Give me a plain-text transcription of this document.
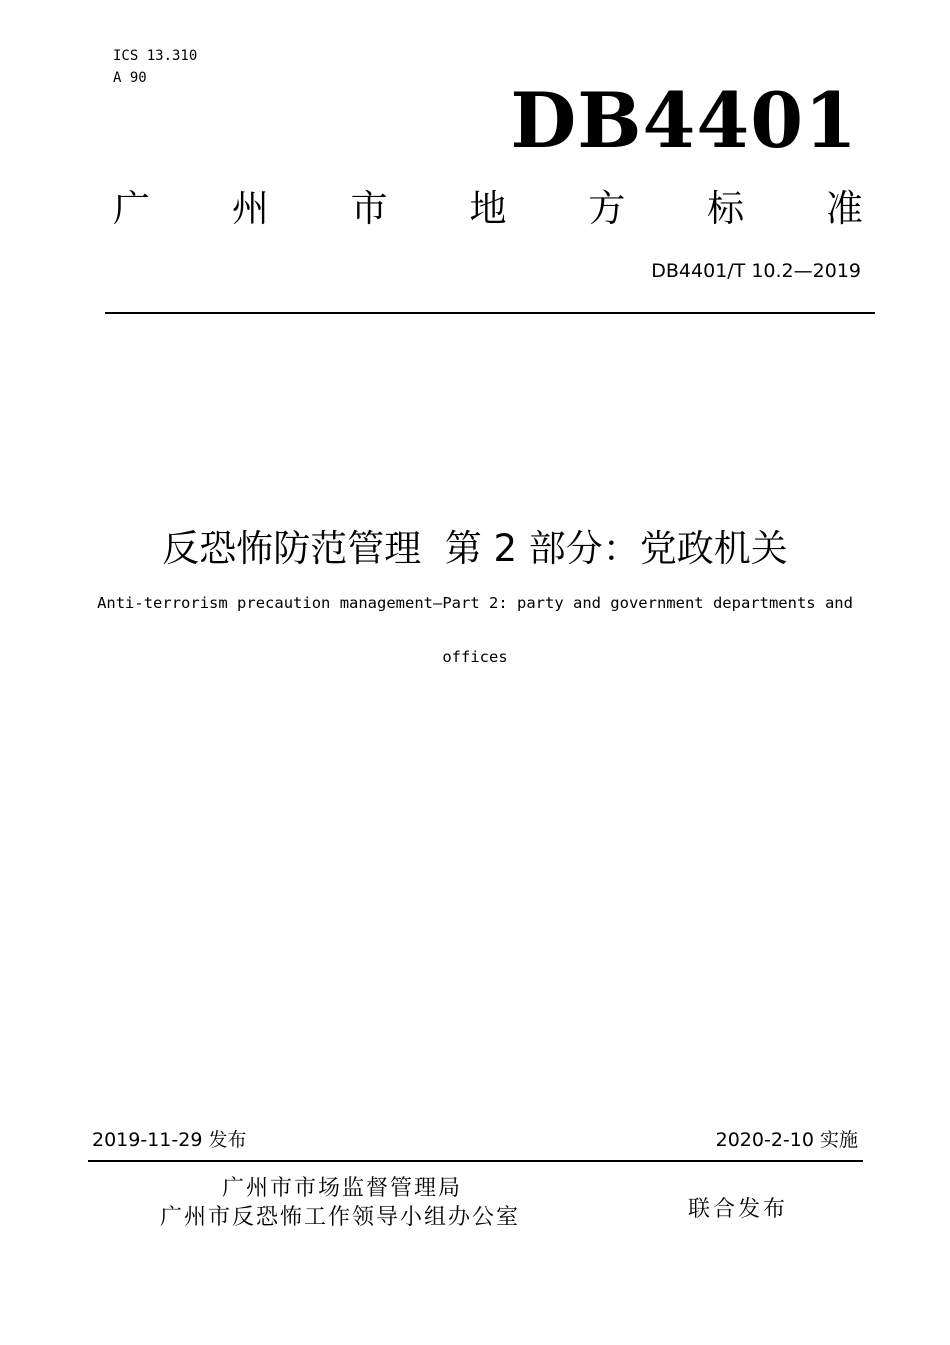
ICS 13.310
A 90	DB4401
广 州 市 地 方 标 准
DB4401/T 10.2—2019
反恐怖防范管理  第 2 部分：党政机关
Anti-terrorism precaution management—Part 2: party and government departments and
offices
2019-11-29 发布	2020-2-10 实施
广州市市场监督管理局
广州市反恐怖工作领导小组办公室	联合发布
